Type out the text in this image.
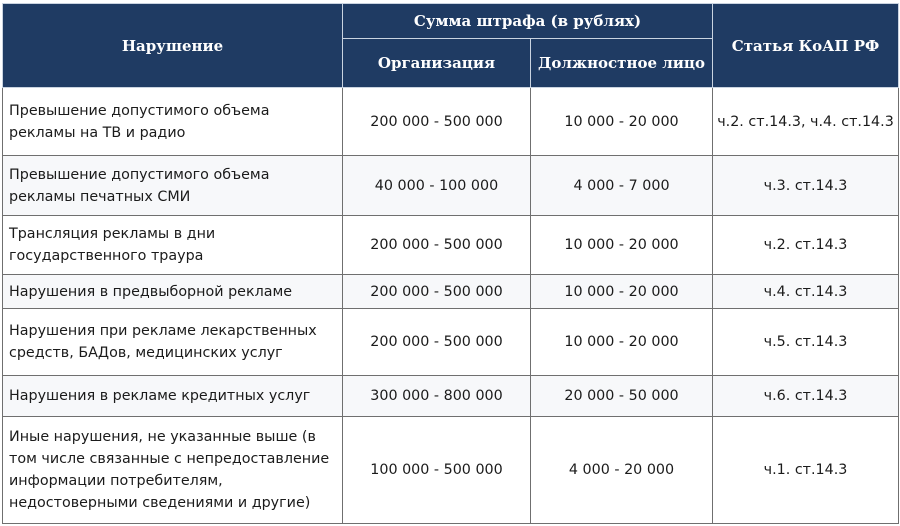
Нарушение	Сумма штрафа (в рублях)		Статья КоАП РФ
	Организация	Должностное лицо	
Превышение допустимого объема рекламы на ТВ и радио	200 000 - 500 000	10 000 - 20 000	ч.2. ст.14.3, ч.4. ст.14.3
Превышение допустимого объема рекламы печатных СМИ	40 000 - 100 000	4 000 - 7 000	ч.3. ст.14.3
Трансляция рекламы в дни государственного траура	200 000 - 500 000	10 000 - 20 000	ч.2. ст.14.3
Нарушения в предвыборной рекламе	200 000 - 500 000	10 000 - 20 000	ч.4. ст.14.3
Нарушения при рекламе лекарственных средств, БАДов, медицинских услуг	200 000 - 500 000	10 000 - 20 000	ч.5. ст.14.3
Нарушения в рекламе кредитных услуг	300 000 - 800 000	20 000 - 50 000	ч.6. ст.14.3
Иные нарушения, не указанные выше (в том числе связанные с непредоставление информации потребителям, недостоверными сведениями и другие)	100 000 - 500 000	4 000 - 20 000	ч.1. ст.14.3
